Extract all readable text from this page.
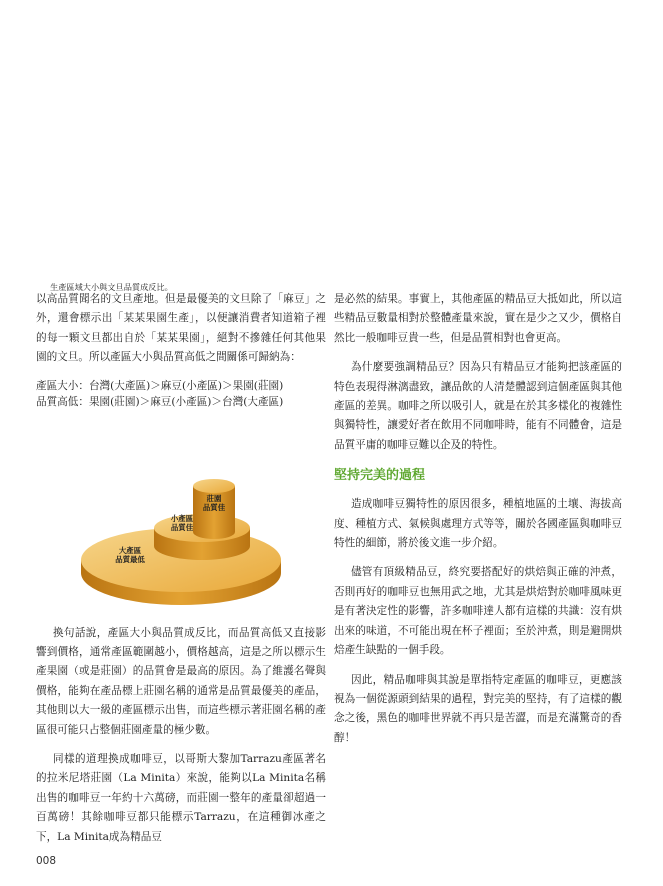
以高品質聞名的文旦產地。但是最優美的文旦除了「麻豆」之外，還會標示出「某某果園生產」，以便讓消費者知道箱子裡的每一顆文旦都出自於「某某果園」，絕對不摻雜任何其他果園的文旦。所以產區大小與品質高低之間關係可歸納為：

產區大小：台灣(大產區)＞麻豆(小產區)＞果園(莊園)
品質高低：果園(莊園)＞麻豆(小產區)＞台灣(大產區)
大產區
品質最低
小產區
品質佳
莊園
品質佳

換句話說，產區大小與品質成反比，而品質高低又直接影響到價格，通常產區範圍越小，價格越高，這是之所以標示生產果園（或是莊園）的品質會是最高的原因。為了維護名聲與價格，能夠在產品標上莊園名稱的通常是品質最優美的產品，其他則以大一級的產區標示出售，而這些標示著莊園名稱的產區很可能只占整個莊園產量的極少數。

同樣的道理換成咖啡豆，以哥斯大黎加Tarrazu產區著名的拉米尼塔莊園（La Minita）來說，能夠以La Minita名稱出售的咖啡豆一年約十六萬磅，而莊園一整年的產量卻超過一百萬磅！其餘咖啡豆都只能標示Tarrazu，在這種御冰產之下，La Minita成為精品豆

生產區域大小與文旦品質成反比。

是必然的結果。事實上，其他產區的精品豆大抵如此，所以這些精品豆數量相對於整體產量來說，實在是少之又少，價格自然比一般咖啡豆貴一些，但是品質相對也會更高。

為什麼要強調精品豆？因為只有精品豆才能夠把該產區的特色表現得淋漓盡致，讓品飲的人清楚體認到這個產區與其他產區的差異。咖啡之所以吸引人，就是在於其多樣化的複雜性與獨特性，讓愛好者在飲用不同咖啡時，能有不同體會，這是品質平庸的咖啡豆難以企及的特性。

堅持完美的過程

造成咖啡豆獨特性的原因很多，種植地區的土壤、海拔高度、種植方式、氣候與處理方式等等，關於各國產區與咖啡豆特性的細節，將於後文進一步介紹。

儘管有頂級精品豆，終究要搭配好的烘焙與正確的沖煮，否則再好的咖啡豆也無用武之地，尤其是烘焙對於咖啡風味更是有著決定性的影響，許多咖啡達人都有這樣的共識：沒有烘出來的味道，不可能出現在杯子裡面；至於沖煮，則是避開烘焙產生缺點的一個手段。

因此，精品咖啡與其說是單指特定產區的咖啡豆，更應該視為一個從源頭到結果的過程，對完美的堅持，有了這樣的觀念之後，黑色的咖啡世界就不再只是苦澀，而是充滿驚奇的香醇！

008
